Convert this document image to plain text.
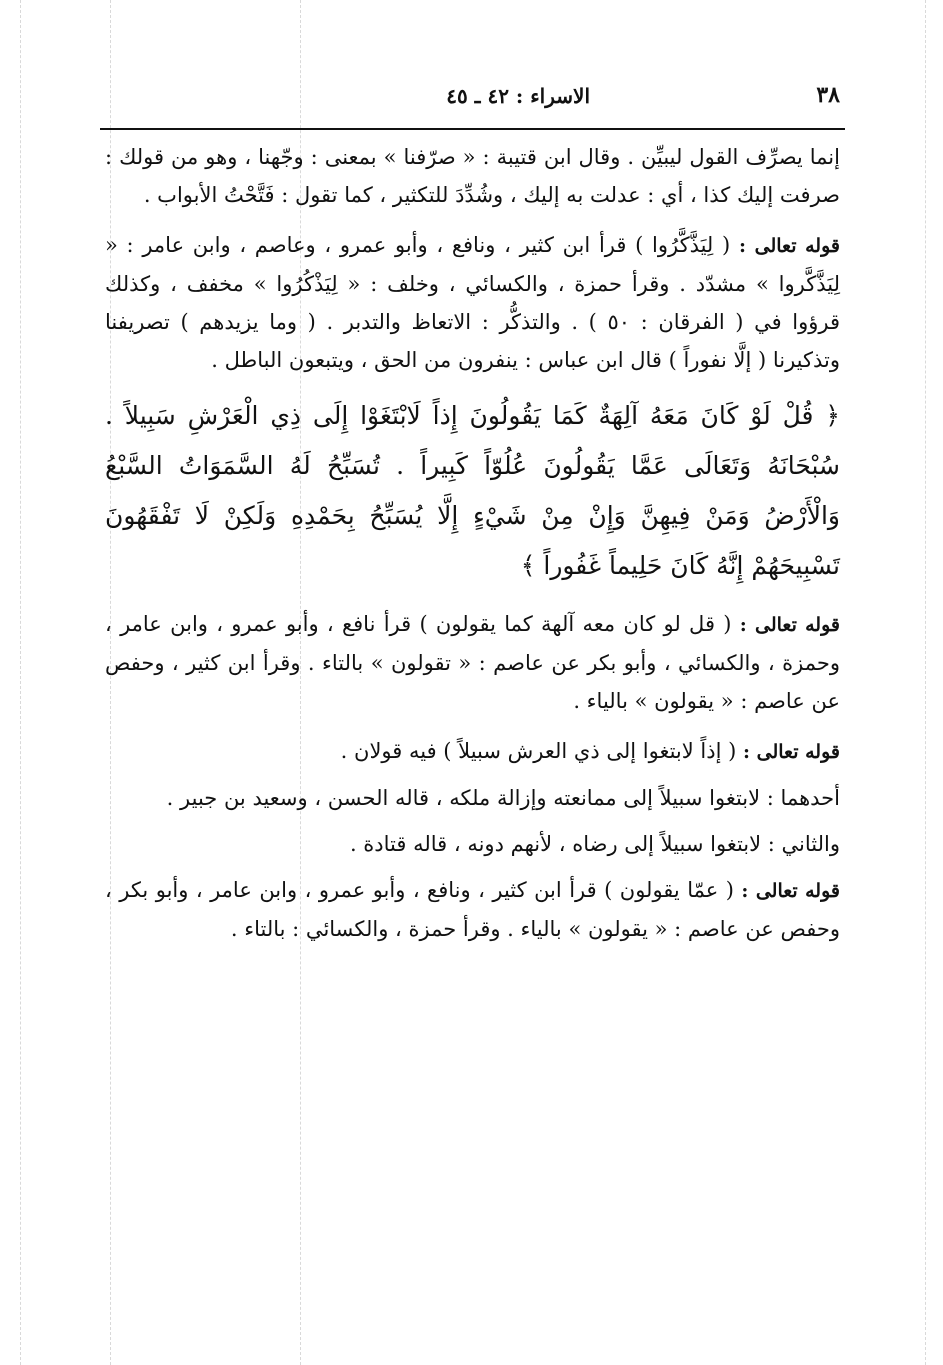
٣٨
الاسراء : ٤٢ ـ ٤٥

إنما يصرِّف القول ليبيِّن . وقال ابن قتيبة : « صرّفنا » بمعنى : وجّهنا ، وهو من قولك : صرفت إليك كذا ، أي : عدلت به إليك ، وشُدِّدَ للتكثير ، كما تقول : فَتَّحْتُ الأبواب .

قوله تعالى : ( لِيَذَّكَّرُوا ) قرأ ابن كثير ، ونافع ، وأبو عمرو ، وعاصم ، وابن عامر : « لِيَذَّكَّروا » مشدّد . وقرأ حمزة ، والكسائي ، وخلف : « لِيَذْكُرُوا » مخفف ، وكذلك قرؤوا في ( الفرقان : ٥٠ ) . والتذكُّر : الاتعاظ والتدبر . ( وما يزيدهم ) تصريفنا وتذكيرنا ( إلَّا نفوراً ) قال ابن عباس : ينفرون من الحق ، ويتبعون الباطل .

﴿ قُلْ لَوْ كَانَ مَعَهُ آلِهَةٌ كَمَا يَقُولُونَ إِذاً لَابْتَغَوْا إِلَى ذِي الْعَرْشِ سَبِيلاً . سُبْحَانَهُ وَتَعَالَى عَمَّا يَقُولُونَ عُلُوّاً كَبِيراً . تُسَبِّحُ لَهُ السَّمَوَاتُ السَّبْعُ وَالْأَرْضُ وَمَنْ فِيهِنَّ وَإِنْ مِنْ شَيْءٍ إِلَّا يُسَبِّحُ بِحَمْدِهِ وَلَكِنْ لَا تَفْقَهُونَ تَسْبِيحَهُمْ إِنَّهُ كَانَ حَلِيماً غَفُوراً ﴾

قوله تعالى : ( قل لو كان معه آلهة كما يقولون ) قرأ نافع ، وأبو عمرو ، وابن عامر ، وحمزة ، والكسائي ، وأبو بكر عن عاصم : « تقولون » بالتاء . وقرأ ابن كثير ، وحفص عن عاصم : « يقولون » بالياء .

قوله تعالى : ( إذاً لابتغوا إلى ذي العرش سبيلاً ) فيه قولان .

أحدهما : لابتغوا سبيلاً إلى ممانعته وإزالة ملكه ، قاله الحسن ، وسعيد بن جبير .

والثاني : لابتغوا سبيلاً إلى رضاه ، لأنهم دونه ، قاله قتادة .

قوله تعالى : ( عمّا يقولون ) قرأ ابن كثير ، ونافع ، وأبو عمرو ، وابن عامر ، وأبو بكر ، وحفص عن عاصم : « يقولون » بالياء . وقرأ حمزة ، والكسائي : بالتاء .
